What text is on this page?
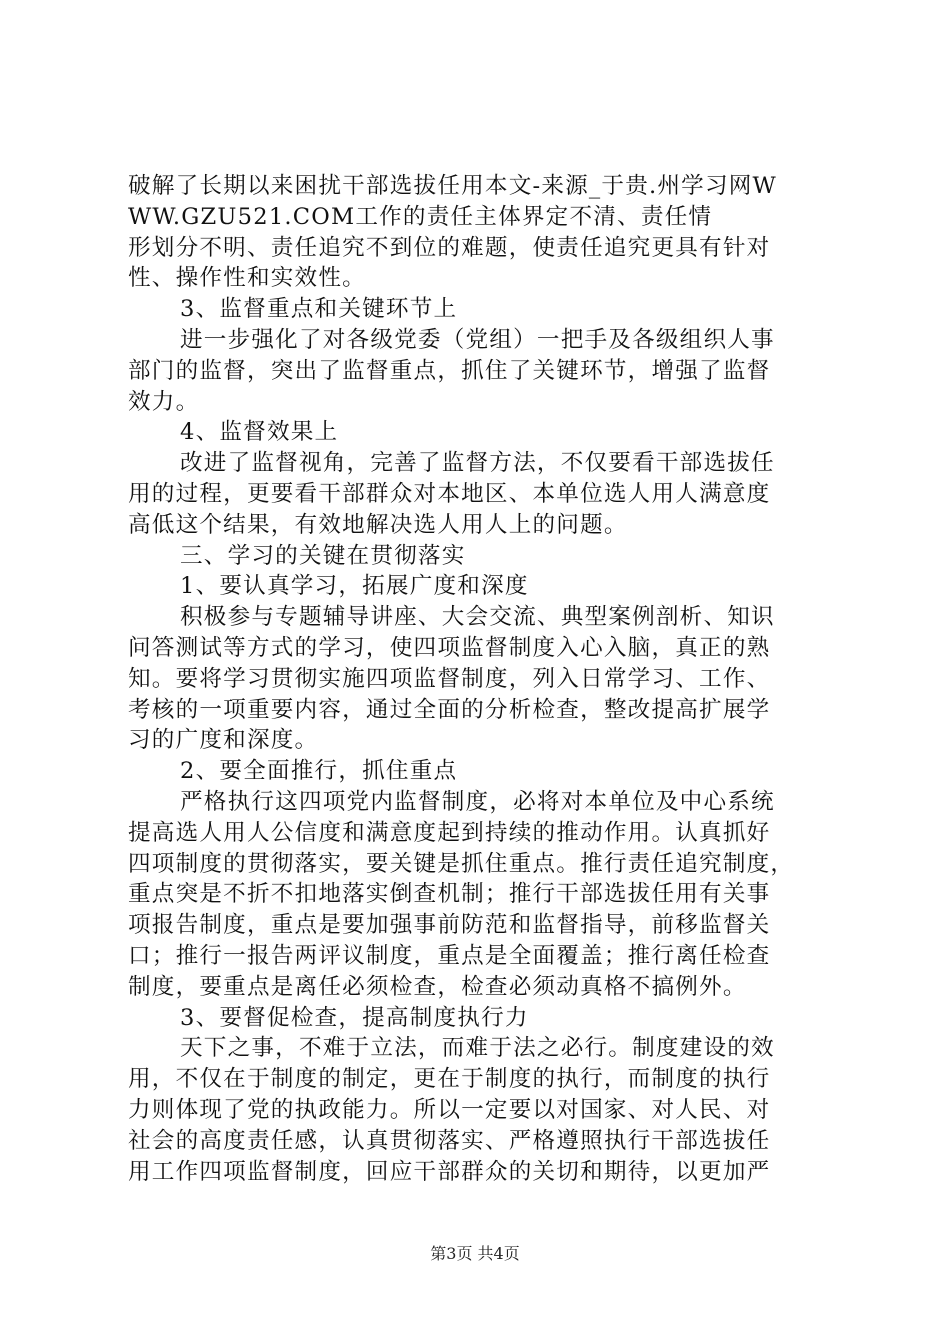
破解了长期以来困扰干部选拔任用本文-来源_于贵.州学习网W
WW.GZU521.COM工作的责任主体界定不清、责任情
形划分不明、责任追究不到位的难题，使责任追究更具有针对
性、操作性和实效性。
3、监督重点和关键环节上
进一步强化了对各级党委（党组）一把手及各级组织人事
部门的监督，突出了监督重点，抓住了关键环节，增强了监督
效力。
4、监督效果上
改进了监督视角，完善了监督方法，不仅要看干部选拔任
用的过程，更要看干部群众对本地区、本单位选人用人满意度
高低这个结果，有效地解决选人用人上的问题。
三、学习的关键在贯彻落实
1、要认真学习，拓展广度和深度
积极参与专题辅导讲座、大会交流、典型案例剖析、知识
问答测试等方式的学习，使四项监督制度入心入脑，真正的熟
知。要将学习贯彻实施四项监督制度，列入日常学习、工作、
考核的一项重要内容，通过全面的分析检查，整改提高扩展学
习的广度和深度。
2、要全面推行，抓住重点
严格执行这四项党内监督制度，必将对本单位及中心系统
提高选人用人公信度和满意度起到持续的推动作用。认真抓好
四项制度的贯彻落实，要关键是抓住重点。推行责任追究制度，
重点突是不折不扣地落实倒查机制；推行干部选拔任用有关事
项报告制度，重点是要加强事前防范和监督指导，前移监督关
口；推行一报告两评议制度，重点是全面覆盖；推行离任检查
制度，要重点是离任必须检查，检查必须动真格不搞例外。
3、要督促检查，提高制度执行力
天下之事，不难于立法，而难于法之必行。制度建设的效
用，不仅在于制度的制定，更在于制度的执行，而制度的执行
力则体现了党的执政能力。所以一定要以对国家、对人民、对
社会的高度责任感，认真贯彻落实、严格遵照执行干部选拔任
用工作四项监督制度，回应干部群众的关切和期待，以更加严
第3页 共4页
